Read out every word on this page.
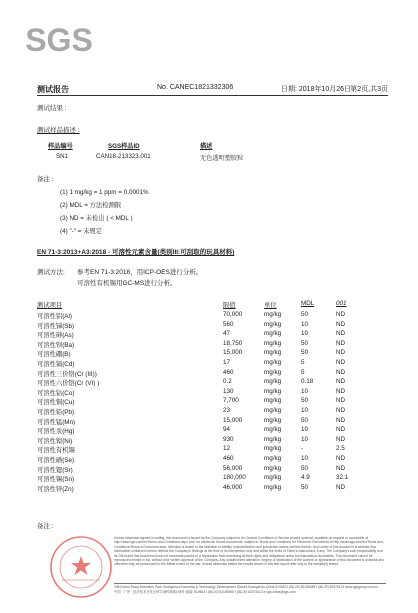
SGS
测试报告	No. CANEC1821332306	日期: 2018年10月26日 第2页,共3页
测试结果 :
测试样品描述 :
样品编号	SGS样品ID	描述
SN1	CAN18-213323.001	无色透明塑胶粒
备注 :
(1) 1 mg/kg = 1 ppm = 0.0001%
(2) MDL = 方法检测限
(3) ND = 未检出 ( < MDL )
(4) "-" = 未规定
EN 71-3:2013+A3:2018 - 可溶性元素含量(类别III:可刮取的玩具材料)
测试方法: 参考EN 71-3:2018，用ICP-OES进行分析。
可溶性有机锡用GC-MS进行分析。
测试项目	限值	单位	MDL	001
可溶性铝(Al)	70,000	mg/kg	50	ND
可溶性锑(Sb)	560	mg/kg	10	ND
可溶性砷(As)	47	mg/kg	10	ND
可溶性钡(Ba)	18,750	mg/kg	50	ND
可溶性硼(B)	15,000	mg/kg	50	ND
可溶性镉(Cd)	17	mg/kg	5	ND
可溶性三价铬(Cr (III))	460	mg/kg	5	ND
可溶性六价铬(Cr (VI) )	0.2	mg/kg	0.18	ND
可溶性钴(Co)	130	mg/kg	10	ND
可溶性铜(Cu)	7,700	mg/kg	50	ND
可溶性铅(Pb)	23	mg/kg	10	ND
可溶性锰(Mn)	15,000	mg/kg	50	ND
可溶性汞(Hg)	94	mg/kg	10	ND
可溶性镍(Ni)	930	mg/kg	10	ND
可溶性有机锡	12	mg/kg	-	2.5
可溶性硒(Se)	460	mg/kg	10	ND
可溶性锶(Sr)	56,000	mg/kg	50	ND
可溶性锡(Sn)	180,000	mg/kg	4.9	32.1
可溶性锌(Zn)	46,000	mg/kg	50	ND
备注 :
Unless otherwise agreed in writing, this document is issued by the Company subject to its General Conditions of Service printed overleaf, available on request or accessible at http://www.sgs.com/en/Terms-and-Conditions.aspx and, for electronic format documents, subject to Terms and Conditions for Electronic Documents at http://www.sgs.com/en/Terms-and-Conditions/Terms-e-Document.aspx. Attention is drawn to the limitation of liability, indemnification and jurisdiction issues defined therein. Any holder of this document is advised that information contained hereon reflects the Company's findings at the time of its intervention only and within the limits of Client's instructions, if any. The Company's sole responsibility is to its Client and this document does not exonerate parties to a transaction from exercising all their rights and obligations under the transaction documents. This document cannot be reproduced except in full, without prior written approval of the Company. Any unauthorized alteration, forgery or falsification of the content or appearance of this document is unlawful and offenders may be prosecuted to the fullest extent of the law. Unless otherwise stated the results shown in this test report refer only to the sample(s) tested.
198 Kezhu Road,Scientech Park Guangzhou Economic & Technology Development District,Guangzhou,China 510663 t (86-20) 82155555 f (86-20) 82075113 www.sgsgroup.com.cn
中国 · 广州 · 经济技术开发区科学城科珠路198号 邮编: 510663 t (86-20) 82155555 f (86-20) 82075113 e sgs.china@sgs.com
